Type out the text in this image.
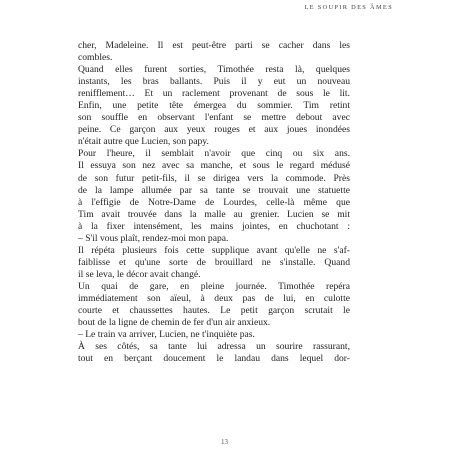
LE SOUPIR DES ÂMES
cher, Madeleine. Il est peut-être parti se cacher dans les
combles.
Quand elles furent sorties, Timothée resta là, quelques
instants, les bras ballants. Puis il y eut un nouveau
renifflement… Et un raclement provenant de sous le lit.
Enfin, une petite tête émergea du sommier. Tim retint
son souffle en observant l'enfant se mettre debout avec
peine. Ce garçon aux yeux rouges et aux joues inondées
n'était autre que Lucien, son papy.
Pour l'heure, il semblait n'avoir que cinq ou six ans.
Il essuya son nez avec sa manche, et sous le regard médusé
de son futur petit-fils, il se dirigea vers la commode. Près
de la lampe allumée par sa tante se trouvait une statuette
à l'effigie de Notre-Dame de Lourdes, celle-là même que
Tim avait trouvée dans la malle au grenier. Lucien se mit
à la fixer intensément, les mains jointes, en chuchotant :
– S'il vous plaît, rendez-moi mon papa.
Il répéta plusieurs fois cette supplique avant qu'elle ne s'af-
faiblisse et qu'une sorte de brouillard ne s'installe. Quand
il se leva, le décor avait changé.
Un quai de gare, en pleine journée. Timothée repéra
immédiatement son aïeul, à deux pas de lui, en culotte
courte et chaussettes hautes. Le petit garçon scrutait le
bout de la ligne de chemin de fer d'un air anxieux.
– Le train va arriver, Lucien, ne t'inquiète pas.
À ses côtés, sa tante lui adressa un sourire rassurant,
tout en berçant doucement le landau dans lequel dor-
13
